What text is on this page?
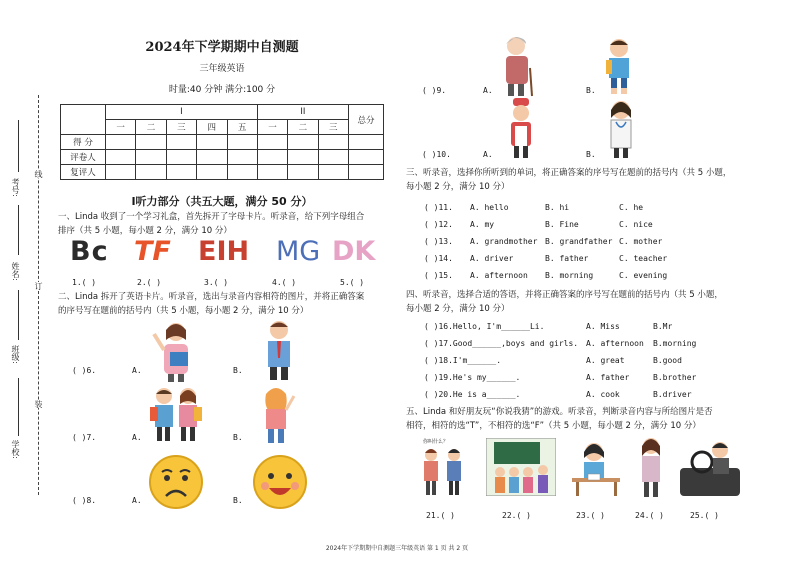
考号:
姓名:
班级:
学校:
线
订
装
2024年下学期期中自测题
三年级英语
时量:40 分钟 满分:100 分
	I					II			总分
	一	二	三	四	五	一	二	三	
得 分									
评卷人									
复评人									
I听力部分（共五大题，满分 50 分）
一、Linda 收到了一个学习礼盒，首先拆开了字母卡片。听录音，给下列字母组合
排序（共 5 小题，每小题 2 分，满分 10 分）
Bc TF EIH MG DK
1.( )	2.( )	3.( )	4.( )	5.( )
二、Linda 拆开了英语卡片。听录音，选出与录音内容相符的图片，并将正确答案
的序号写在题前的括号内（共 5 小题，每小题 2 分，满分 10 分）
( )6.	A.	B.
( )7.	A.	B.
( )8.	A.	B.
( )9.	A.	B.
( )10.	A.	B.
三、听录音，选择你所听到的单词，将正确答案的序号写在题前的括号内（共 5 小题，
每小题 2 分，满分 10 分）
( )11. A. hello	B. hi	C. he
( )12. A. my	B. Fine	C. nice
( )13. A. grandmother B. grandfather C. mother
( )14. A. driver	B. father	C. teacher
( )15. A. afternoon B. morning	C. evening
四、听录音，选择合适的答语，并将正确答案的序号写在题前的括号内（共 5 小题，
每小题 2 分，满分 10 分）
( )16.Hello, I'm______Li.	A. Miss	B.Mr
( )17.Good______,boys and girls. A. afternoon B.morning
( )18.I'm______.	A. great	B.good
( )19.He's my______.	A. father	B.brother
( )20.He is a______.	A. cook	B.driver
五、Linda 和好朋友玩“你说我猜”的游戏。听录音，判断录音内容与所给图片是否
相符，相符的选“T”，不相符的选“F”（共 5 小题，每小题 2 分，满分 10 分）
你叫什么？
21.( )	22.( )	23.( )	24.( )	25.( )
2024年下学期期中自测题三年级英语 第 1 页 共 2 页
